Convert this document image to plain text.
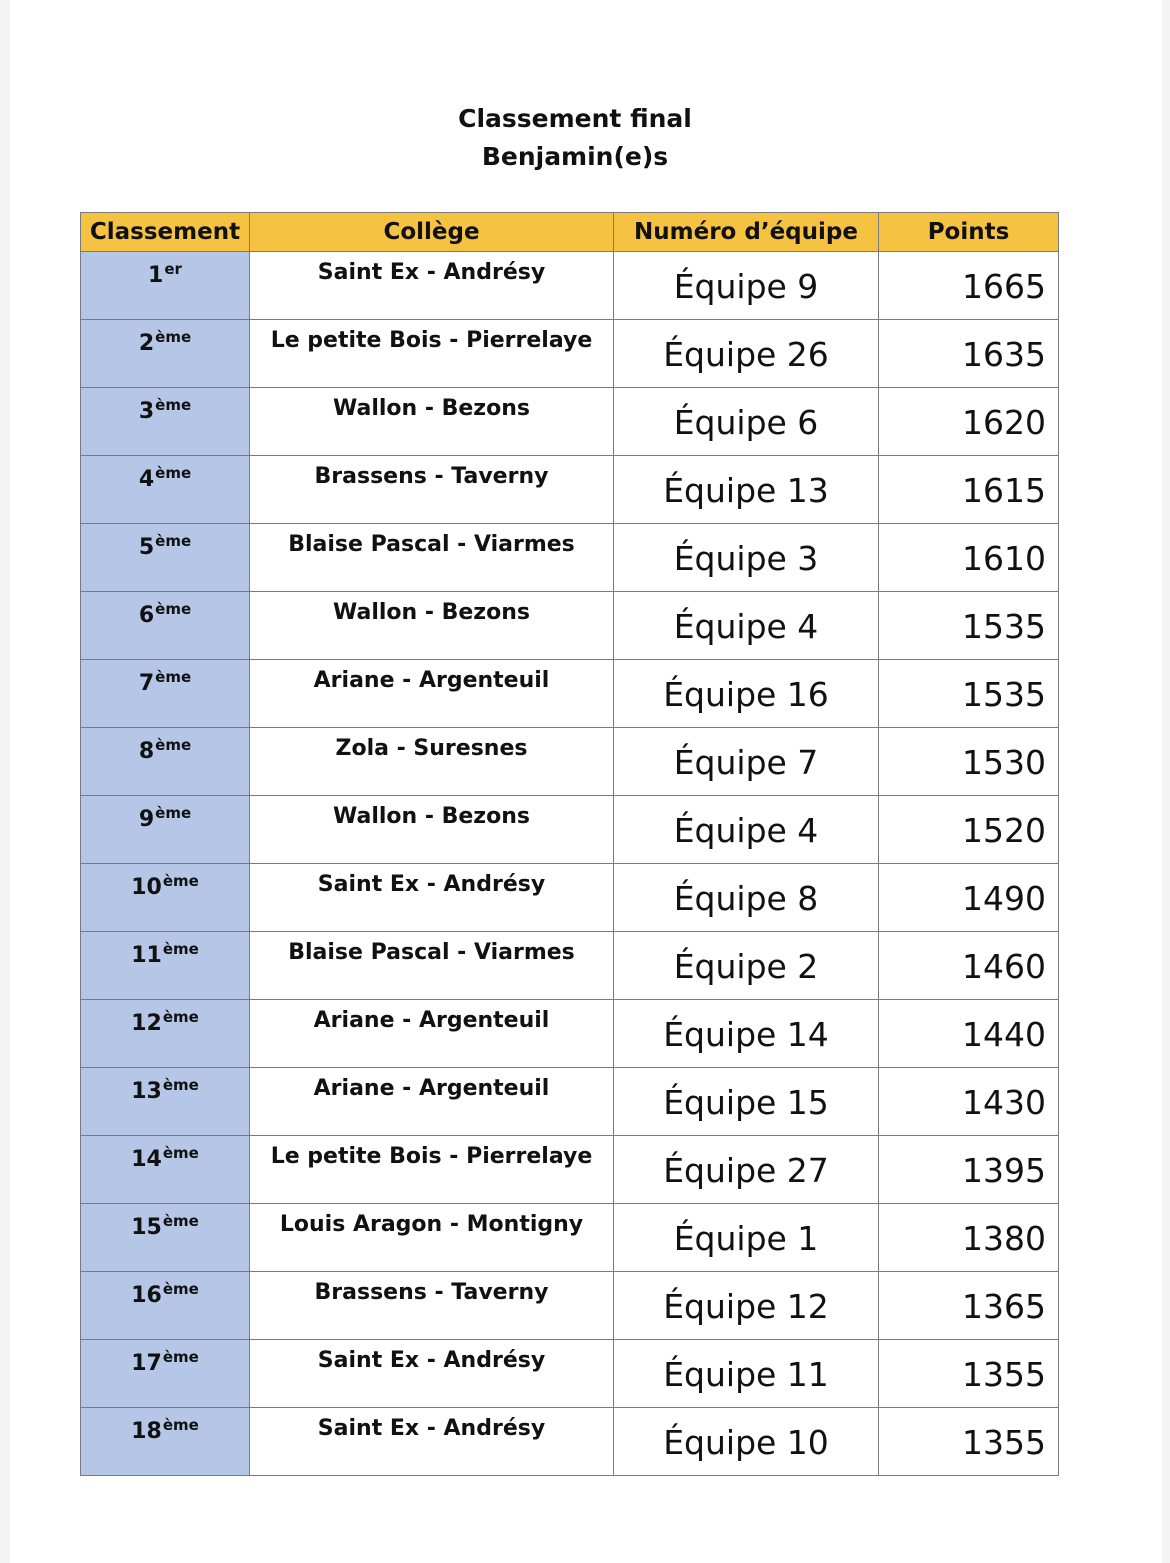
Classement final
Benjamin(e)s
Classement	Collège	Numéro d’équipe	Points
1er	Saint Ex - Andrésy	Équipe 9	1665
2ème	Le petite Bois - Pierrelaye	Équipe 26	1635
3ème	Wallon - Bezons	Équipe 6	1620
4ème	Brassens - Taverny	Équipe 13	1615
5ème	Blaise Pascal - Viarmes	Équipe 3	1610
6ème	Wallon - Bezons	Équipe 4	1535
7ème	Ariane - Argenteuil	Équipe 16	1535
8ème	Zola - Suresnes	Équipe 7	1530
9ème	Wallon - Bezons	Équipe 4	1520
10ème	Saint Ex - Andrésy	Équipe 8	1490
11ème	Blaise Pascal - Viarmes	Équipe 2	1460
12ème	Ariane - Argenteuil	Équipe 14	1440
13ème	Ariane - Argenteuil	Équipe 15	1430
14ème	Le petite Bois - Pierrelaye	Équipe 27	1395
15ème	Louis Aragon - Montigny	Équipe 1	1380
16ème	Brassens - Taverny	Équipe 12	1365
17ème	Saint Ex - Andrésy	Équipe 11	1355
18ème	Saint Ex - Andrésy	Équipe 10	1355
